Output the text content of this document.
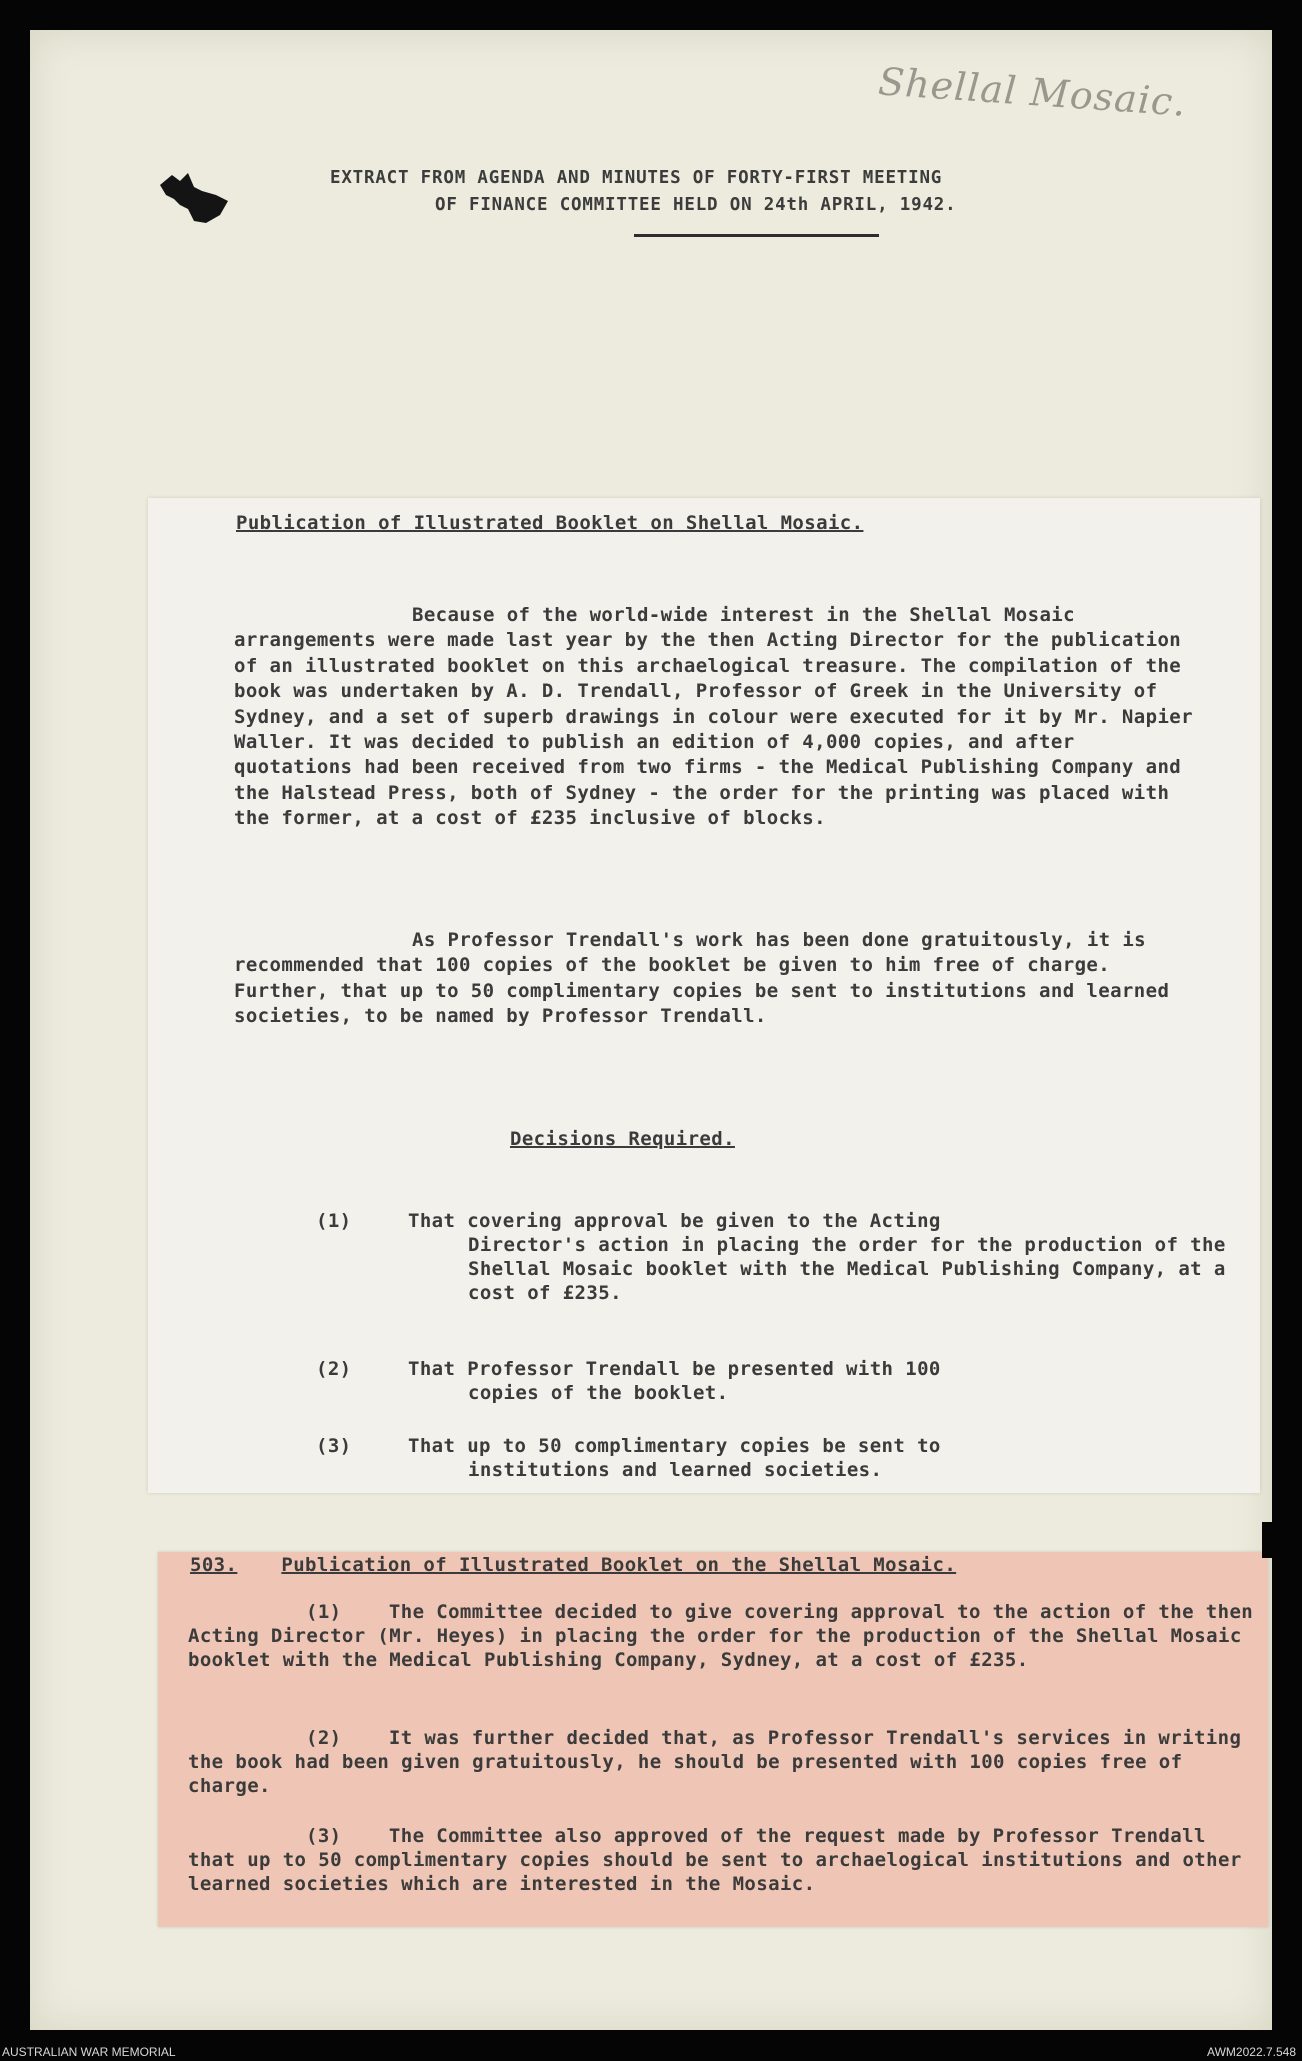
Shellal Mosaic.
EXTRACT FROM AGENDA AND MINUTES OF FORTY-FIRST MEETING
OF FINANCE COMMITTEE HELD ON 24th APRIL, 1942.
Publication of Illustrated Booklet on Shellal Mosaic.

Because of the world-wide interest in the Shellal Mosaic arrangements were made last year by the then Acting Director for the publication of an illustrated booklet on this archaelogical treasure. The compilation of the book was undertaken by A. D. Trendall, Professor of Greek in the University of Sydney, and a set of superb drawings in colour were executed for it by Mr. Napier Waller. It was decided to publish an edition of 4,000 copies, and after quotations had been received from two firms - the Medical Publishing Company and the Halstead Press, both of Sydney - the order for the printing was placed with the former, at a cost of £235 inclusive of blocks.

As Professor Trendall's work has been done gratuitously, it is recommended that 100 copies of the booklet be given to him free of charge. Further, that up to 50 complimentary copies be sent to institutions and learned societies, to be named by Professor Trendall.

Decisions Required.
(1)	That covering approval be given to the Acting
Director's action in placing the order for the production of the Shellal Mosaic booklet with the Medical Publishing Company, at a cost of £235.
(2)	That Professor Trendall be presented with 100
copies of the booklet.
(3)	That up to 50 complimentary copies be sent to
institutions and learned societies.
503. Publication of Illustrated Booklet on the Shellal Mosaic.

(1) The Committee decided to give covering approval to the action of the then Acting Director (Mr. Heyes) in placing the order for the production of the Shellal Mosaic booklet with the Medical Publishing Company, Sydney, at a cost of £235.

(2) It was further decided that, as Professor Trendall's services in writing the book had been given gratuitously, he should be presented with 100 copies free of charge.

(3) The Committee also approved of the request made by Professor Trendall that up to 50 complimentary copies should be sent to archaelogical institutions and other learned societies which are interested in the Mosaic.

AUSTRALIAN WAR MEMORIAL	AWM2022.7.548
